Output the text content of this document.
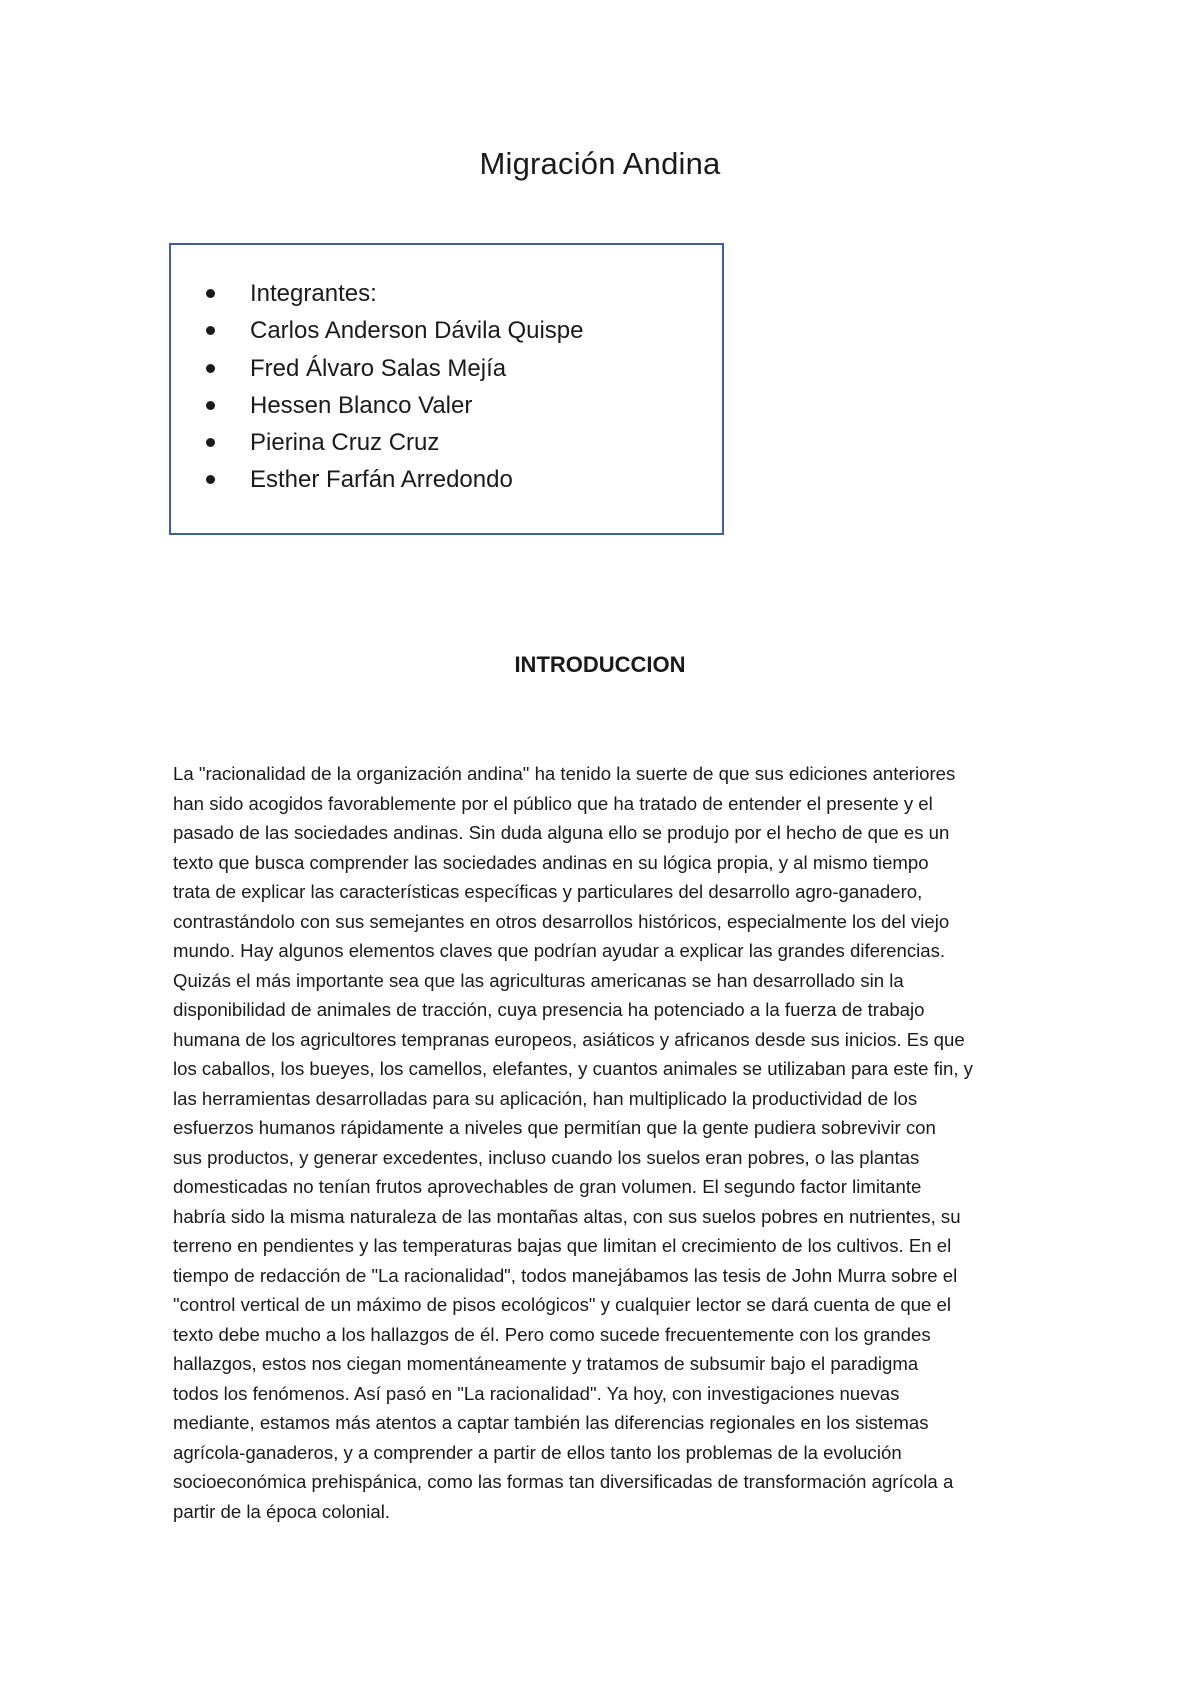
Migración Andina
Integrantes:
Carlos Anderson Dávila Quispe
Fred Álvaro Salas Mejía
Hessen Blanco Valer
Pierina Cruz Cruz
Esther Farfán Arredondo
INTRODUCCION

La "racionalidad de la organización andina" ha tenido la suerte de que sus ediciones anteriores
han sido acogidos favorablemente por el público que ha tratado de entender el presente y el
pasado de las sociedades andinas. Sin duda alguna ello se produjo por el hecho de que es un
texto que busca comprender las sociedades andinas en su lógica propia, y al mismo tiempo
trata de explicar las características específicas y particulares del desarrollo agro-ganadero,
contrastándolo con sus semejantes en otros desarrollos históricos, especialmente los del viejo
mundo. Hay algunos elementos claves que podrían ayudar a explicar las grandes diferencias.
Quizás el más importante sea que las agriculturas americanas se han desarrollado sin la
disponibilidad de animales de tracción, cuya presencia ha potenciado a la fuerza de trabajo
humana de los agricultores tempranas europeos, asiáticos y africanos desde sus inicios. Es que
los caballos, los bueyes, los camellos, elefantes, y cuantos animales se utilizaban para este fin, y
las herramientas desarrolladas para su aplicación, han multiplicado la productividad de los
esfuerzos humanos rápidamente a niveles que permitían que la gente pudiera sobrevivir con
sus productos, y generar excedentes, incluso cuando los suelos eran pobres, o las plantas
domesticadas no tenían frutos aprovechables de gran volumen. El segundo factor limitante
habría sido la misma naturaleza de las montañas altas, con sus suelos pobres en nutrientes, su
terreno en pendientes y las temperaturas bajas que limitan el crecimiento de los cultivos. En el
tiempo de redacción de "La racionalidad", todos manejábamos las tesis de John Murra sobre el
"control vertical de un máximo de pisos ecológicos" y cualquier lector se dará cuenta de que el
texto debe mucho a los hallazgos de él. Pero como sucede frecuentemente con los grandes
hallazgos, estos nos ciegan momentáneamente y tratamos de subsumir bajo el paradigma
todos los fenómenos. Así pasó en "La racionalidad". Ya hoy, con investigaciones nuevas
mediante, estamos más atentos a captar también las diferencias regionales en los sistemas
agrícola-ganaderos, y a comprender a partir de ellos tanto los problemas de la evolución
socioeconómica prehispánica, como las formas tan diversificadas de transformación agrícola a
partir de la época colonial.
